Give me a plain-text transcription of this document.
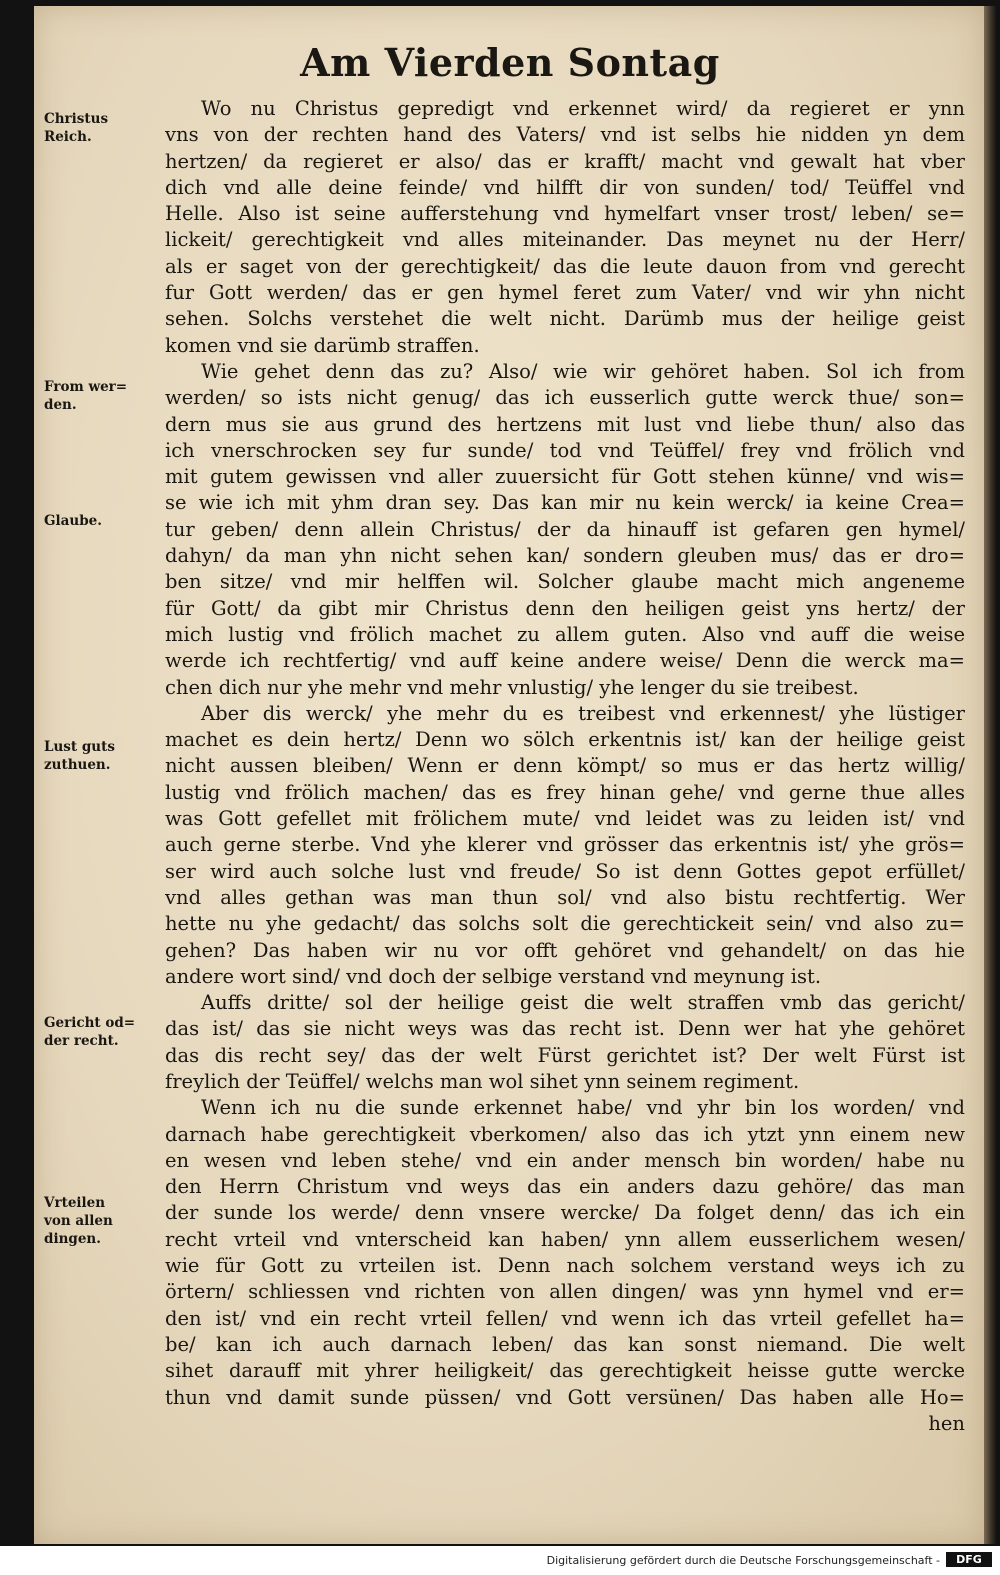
Am Vierden Sontag
Christus
Reich.
From wer=
den.
Glaube.
Lust guts
zuthuen.
Gericht od=
der recht.
Vrteilen
von allen
dingen.
Wo nu Christus gepredigt vnd erkennet wird/ da regieret er ynn
vns von der rechten hand des Vaters/ vnd ist selbs hie nidden yn dem
hertzen/ da regieret er also/ das er krafft/ macht vnd gewalt hat vber
dich vnd alle deine feinde/ vnd hilfft dir von sunden/ tod/ Teüffel vnd
Helle. Also ist seine aufferstehung vnd hymelfart vnser trost/ leben/ se=
lickeit/ gerechtigkeit vnd alles miteinander. Das meynet nu der Herr/
als er saget von der gerechtigkeit/ das die leute dauon from vnd gerecht
fur Gott werden/ das er gen hymel feret zum Vater/ vnd wir yhn nicht
sehen. Solchs verstehet die welt nicht. Darümb mus der heilige geist
komen vnd sie darümb straffen.
Wie gehet denn das zu? Also/ wie wir gehöret haben. Sol ich from
werden/ so ists nicht genug/ das ich eusserlich gutte werck thue/ son=
dern mus sie aus grund des hertzens mit lust vnd liebe thun/ also das
ich vnerschrocken sey fur sunde/ tod vnd Teüffel/ frey vnd frölich vnd
mit gutem gewissen vnd aller zuuersicht für Gott stehen künne/ vnd wis=
se wie ich mit yhm dran sey. Das kan mir nu kein werck/ ia keine Crea=
tur geben/ denn allein Christus/ der da hinauff ist gefaren gen hymel/
dahyn/ da man yhn nicht sehen kan/ sondern gleuben mus/ das er dro=
ben sitze/ vnd mir helffen wil. Solcher glaube macht mich angeneme
für Gott/ da gibt mir Christus denn den heiligen geist yns hertz/ der
mich lustig vnd frölich machet zu allem guten. Also vnd auff die weise
werde ich rechtfertig/ vnd auff keine andere weise/ Denn die werck ma=
chen dich nur yhe mehr vnd mehr vnlustig/ yhe lenger du sie treibest.
Aber dis werck/ yhe mehr du es treibest vnd erkennest/ yhe lüstiger
machet es dein hertz/ Denn wo sölch erkentnis ist/ kan der heilige geist
nicht aussen bleiben/ Wenn er denn kömpt/ so mus er das hertz willig/
lustig vnd frölich machen/ das es frey hinan gehe/ vnd gerne thue alles
was Gott gefellet mit frölichem mute/ vnd leidet was zu leiden ist/ vnd
auch gerne sterbe. Vnd yhe klerer vnd grösser das erkentnis ist/ yhe grös=
ser wird auch solche lust vnd freude/ So ist denn Gottes gepot erfüllet/
vnd alles gethan was man thun sol/ vnd also bistu rechtfertig. Wer
hette nu yhe gedacht/ das solchs solt die gerechtickeit sein/ vnd also zu=
gehen? Das haben wir nu vor offt gehöret vnd gehandelt/ on das hie
andere wort sind/ vnd doch der selbige verstand vnd meynung ist.
Auffs dritte/ sol der heilige geist die welt straffen vmb das gericht/
das ist/ das sie nicht weys was das recht ist. Denn wer hat yhe gehöret
das dis recht sey/ das der welt Fürst gerichtet ist? Der welt Fürst ist
freylich der Teüffel/ welchs man wol sihet ynn seinem regiment.
Wenn ich nu die sunde erkennet habe/ vnd yhr bin los worden/ vnd
darnach habe gerechtigkeit vberkomen/ also das ich ytzt ynn einem new
en wesen vnd leben stehe/ vnd ein ander mensch bin worden/ habe nu
den Herrn Christum vnd weys das ein anders dazu gehöre/ das man
der sunde los werde/ denn vnsere wercke/ Da folget denn/ das ich ein
recht vrteil vnd vnterscheid kan haben/ ynn allem eusserlichem wesen/
wie für Gott zu vrteilen ist. Denn nach solchem verstand weys ich zu
örtern/ schliessen vnd richten von allen dingen/ was ynn hymel vnd er=
den ist/ vnd ein recht vrteil fellen/ vnd wenn ich das vrteil gefellet ha=
be/ kan ich auch darnach leben/ das kan sonst niemand. Die welt
sihet darauff mit yhrer heiligkeit/ das gerechtigkeit heisse gutte wercke
thun vnd damit sunde püssen/ vnd Gott versünen/ Das haben alle Ho=
hen
Digitalisierung gefördert durch die Deutsche Forschungsgemeinschaft -	DFG
